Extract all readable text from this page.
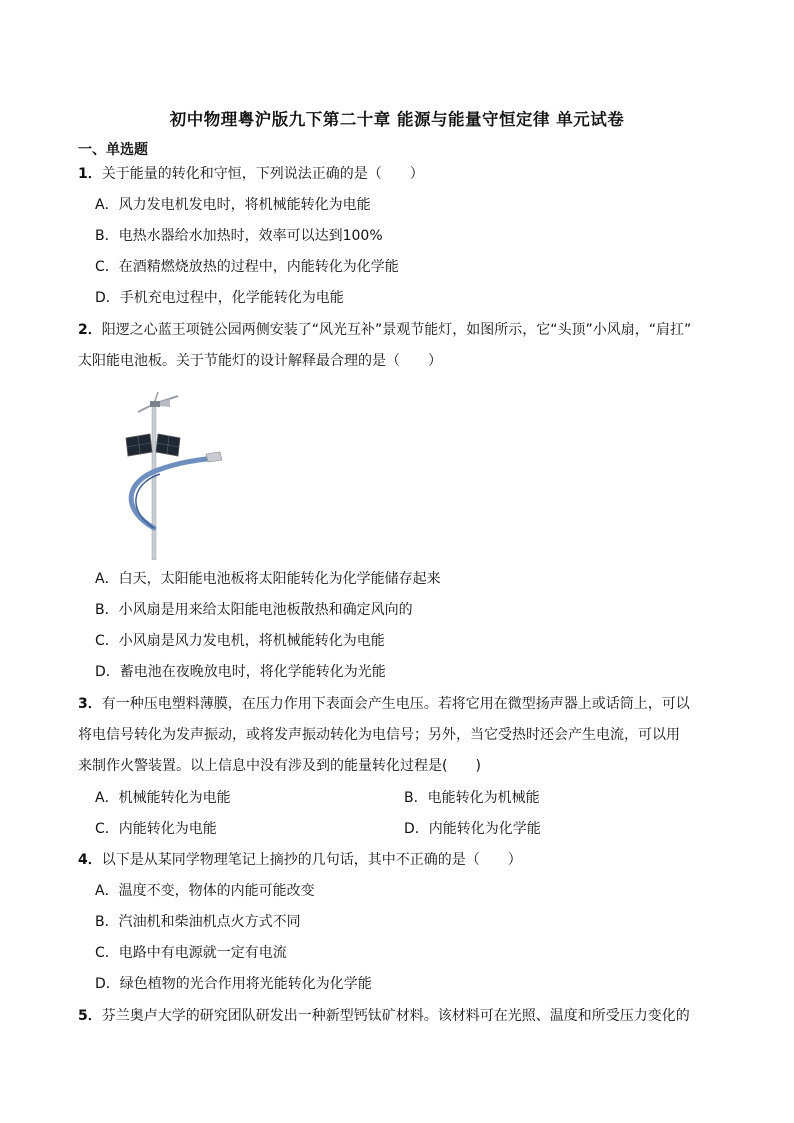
初中物理粤沪版九下第二十章 能源与能量守恒定律 单元试卷
一、单选题
1．关于能量的转化和守恒，下列说法正确的是（　　）
A．风力发电机发电时，将机械能转化为电能
B．电热水器给水加热时，效率可以达到100%
C．在酒精燃烧放热的过程中，内能转化为化学能
D．手机充电过程中，化学能转化为电能
2．阳逻之心蓝王项链公园两侧安装了“风光互补”景观节能灯，如图所示，它“头顶”小风扇，“肩扛”
太阳能电池板。关于节能灯的设计解释最合理的是（　　）
A．白天，太阳能电池板将太阳能转化为化学能储存起来
B．小风扇是用来给太阳能电池板散热和确定风向的
C．小风扇是风力发电机，将机械能转化为电能
D．蓄电池在夜晚放电时，将化学能转化为光能
3．有一种压电塑料薄膜，在压力作用下表面会产生电压。若将它用在微型扬声器上或话筒上，可以
将电信号转化为发声振动，或将发声振动转化为电信号；另外，当它受热时还会产生电流，可以用
来制作火警装置。以上信息中没有涉及到的能量转化过程是(　　)
A．机械能转化为电能	B．电能转化为机械能
C．内能转化为电能	D．内能转化为化学能
4．以下是从某同学物理笔记上摘抄的几句话，其中不正确的是（　　）
A．温度不变，物体的内能可能改变
B．汽油机和柴油机点火方式不同
C．电路中有电源就一定有电流
D．绿色植物的光合作用将光能转化为化学能
5．芬兰奥卢大学的研究团队研发出一种新型钙钛矿材料。该材料可在光照、温度和所受压力变化的
